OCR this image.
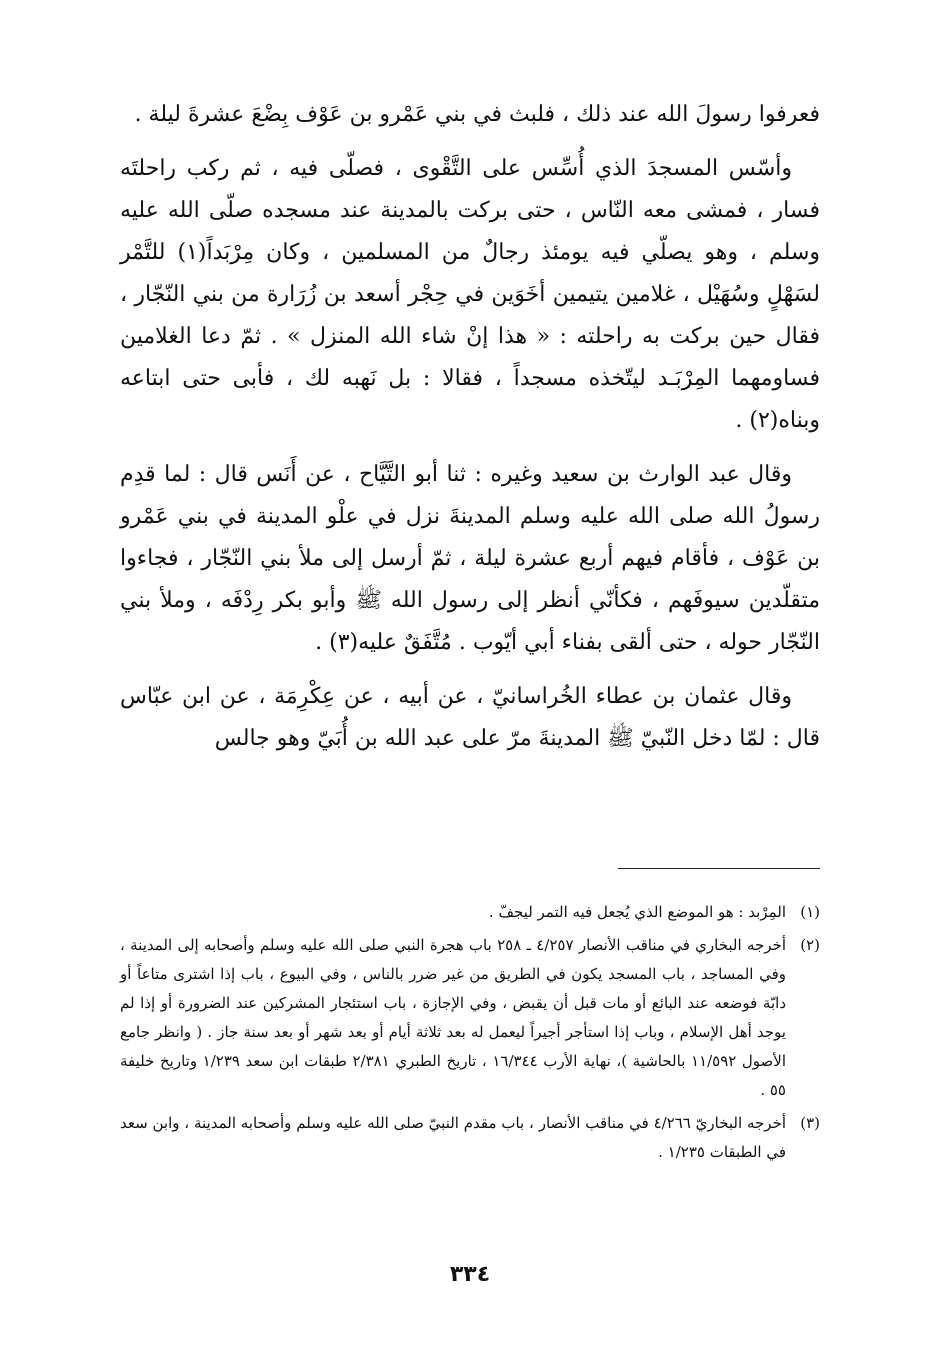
فعرفوا رسولَ الله عند ذلك ، فلبث في بني عَمْرو بن عَوْف بِضْعَ عشرةَ ليلة .

وأسّس المسجدَ الذي أُسِّس على التَّقْوى ، فصلّى فيه ، ثم ركب راحلتَه فسار ، فمشى معه النّاس ، حتى بركت بالمدينة عند مسجده صلّى الله عليه وسلم ، وهو يصلّي فيه يومئذ رجالٌ من المسلمين ، وكان مِرْبَداً(١) للتَّمْر لسَهْلٍ وسُهَيْل ، غلامين يتيمين أخَوَين في حِجْر أسعد بن زُرَارة من بني النّجّار ، فقال حين بركت به راحلته : « هذا إنْ شاء الله المنزل » . ثمّ دعا الغلامين فساومهما المِرْبَـد ليتّخذه مسجداً ، فقالا : بل نَهبه لك ، فأبى حتى ابتاعه وبناه(٢) .

وقال عبد الوارث بن سعيد وغيره : ثنا أبو التَّيَّاح ، عن أَنَس قال : لما قدِم رسولُ الله صلى الله عليه وسلم المدينةَ نزل في علْو المدينة في بني عَمْرو بن عَوْف ، فأقام فيهم أربع عشرة ليلة ، ثمّ أرسل إلى ملأ بني النّجّار ، فجاءوا متقلّدين سيوفَهم ، فكأنّي أنظر إلى رسول الله ﷺ وأبو بكر رِدْفَه ، وملأ بني النّجّار حوله ، حتى ألقى بفناء أبي أيّوب . مُتَّفَقٌ عليه(٣) .

وقال عثمان بن عطاء الخُراسانيّ ، عن أبيه ، عن عِكْرِمَة ، عن ابن عبّاس قال : لمّا دخل النّبيّ ﷺ المدينةَ مرّ على عبد الله بن أُبَيّ وهو جالس

(١)
المِرْبد : هو الموضع الذي يُجعل فيه التمر ليجفّ .
(٢)
أخرجه البخاري في مناقب الأنصار ٤/٢٥٧ ـ ٢٥٨ باب هجرة النبي صلى الله عليه وسلم وأصحابه إلى المدينة ، وفي المساجد ، باب المسجد يكون في الطريق من غير ضرر بالناس ، وفي البيوع ، باب إذا اشترى متاعاً أو دابّة فوضعه عند البائع أو مات قبل أن يقبض ، وفي الإجازة ، باب استئجار المشركين عند الضرورة أو إذا لم يوجد أهل الإسلام ، وباب إذا استأجر أجيراً ليعمل له بعد ثلاثة أيام أو بعد شهر أو بعد سنة جاز . ( وانظر جامع الأصول ١١/٥٩٢ بالحاشية )، نهاية الأرب ١٦/٣٤٤ ، تاريخ الطبري ٢/٣٨١ طبقات ابن سعد ١/٢٣٩ وتاريخ خليفة ٥٥ .
(٣)
أخرجه البخاريّ ٤/٢٦٦ في مناقب الأنصار ، باب مقدم النبيّ صلى الله عليه وسلم وأصحابه المدينة ، وابن سعد في الطبقات ١/٢٣٥ .
٣٣٤
